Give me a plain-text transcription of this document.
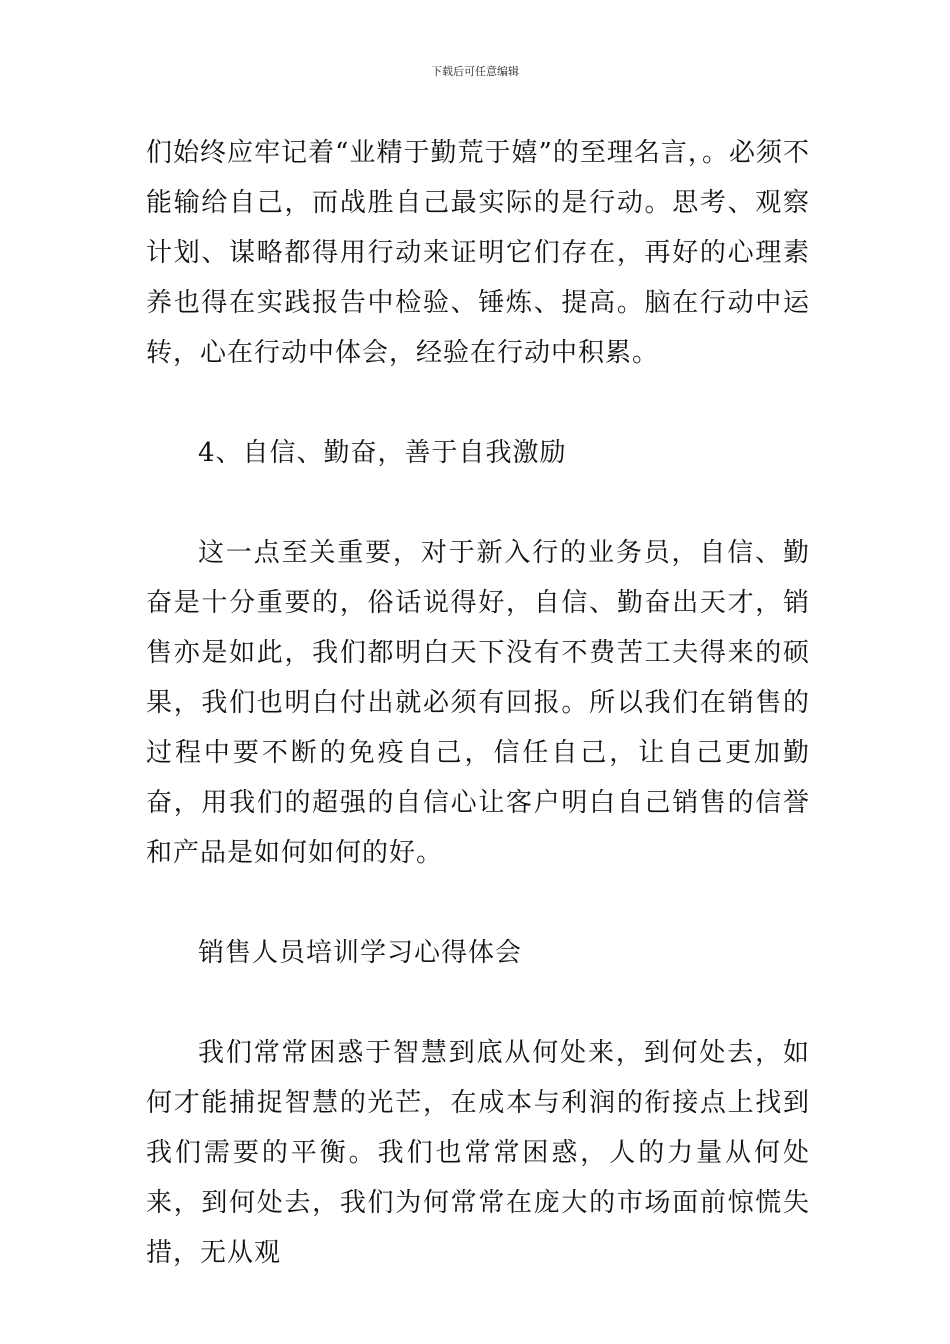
下载后可任意编辑

们始终应牢记着“业精于勤荒于嬉”的至理名言，。必须不能输给自己，而战胜自己最实际的是行动。思考、观察计划、谋略都得用行动来证明它们存在，再好的心理素养也得在实践报告中检验、锤炼、提高。脑在行动中运转，心在行动中体会，经验在行动中积累。

4、自信、勤奋，善于自我激励

这一点至关重要，对于新入行的业务员，自信、勤奋是十分重要的，俗话说得好，自信、勤奋出天才，销售亦是如此，我们都明白天下没有不费苦工夫得来的硕果，我们也明白付出就必须有回报。所以我们在销售的过程中要不断的免疫自己，信任自己，让自己更加勤奋，用我们的超强的自信心让客户明白自己销售的信誉和产品是如何如何的好。

销售人员培训学习心得体会

我们常常困惑于智慧到底从何处来，到何处去，如何才能捕捉智慧的光芒，在成本与利润的衔接点上找到我们需要的平衡。我们也常常困惑，人的力量从何处来，到何处去，我们为何常常在庞大的市场面前惊慌失措，无从观
